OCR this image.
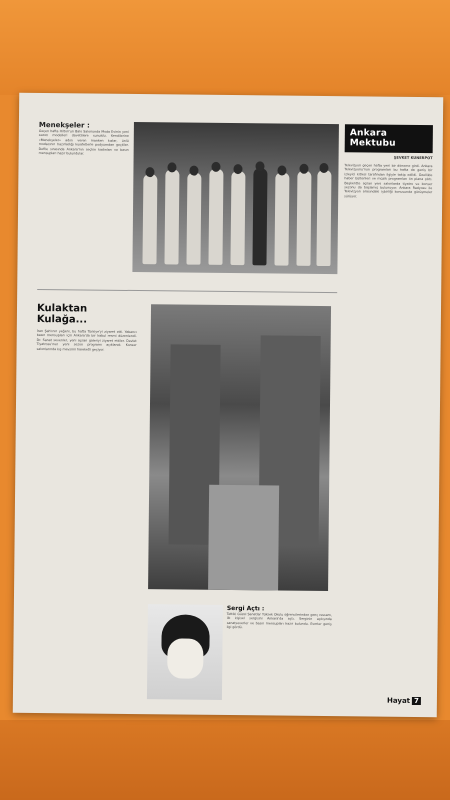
Menekşeler :
Geçen hafta Hilton'un Balo Salonunda Moda Evinin yeni sezon modelleri davetlilere sunuldu. Kendilerine «Menekşeler» adını veren manken kızlar, ünlü modacının hazırladığı kıyafetlerle podyumdan geçtiler. Defile sırasında Ankara'nın seçkin kadınları ve basın mensupları hazır bulundular.
Ankara Mektubu
ŞEVKET KUNERPOT
Televizyon geçen hafta yeni bir döneme girdi. Ankara Televizyonu'nun programları bu hafta da geniş bir izleyici kitlesi tarafından ilgiyle takip edildi. Özellikle haber bültenleri ve müzik programları ön plana çıktı. Başkentte açılan yeni salonlarda tiyatro ve konser sezonu da başlamış bulunuyor. Ankara Radyosu ile Televizyon arasındaki işbirliği konusunda görüşmeler sürüyor.
Kulaktan Kulağa...
İran Şah'ının yeğeni, bu hafta Türkiye'yi ziyaret etti. Yabancı basın mensupları için Ankara'da bir kabul resmi düzenlendi. Dr. Sanat sevenler, yeni açılan galeriyi ziyaret ettiler. Devlet Tiyatrosu'nun yeni sezon programı açıklandı. Konser salonlarında kış mevsimi hareketli geçiyor.
Sergi Açtı :
Tettiki Güzel Sanatlar Yüksek Okulu öğrencilerinden genç ressam, ilk kişisel sergisini Ankara'da açtı. Serginin açılışında sanatseverler ve basın mensupları hazır bulundu. Eserler geniş ilgi gördü.
Hayat 7
